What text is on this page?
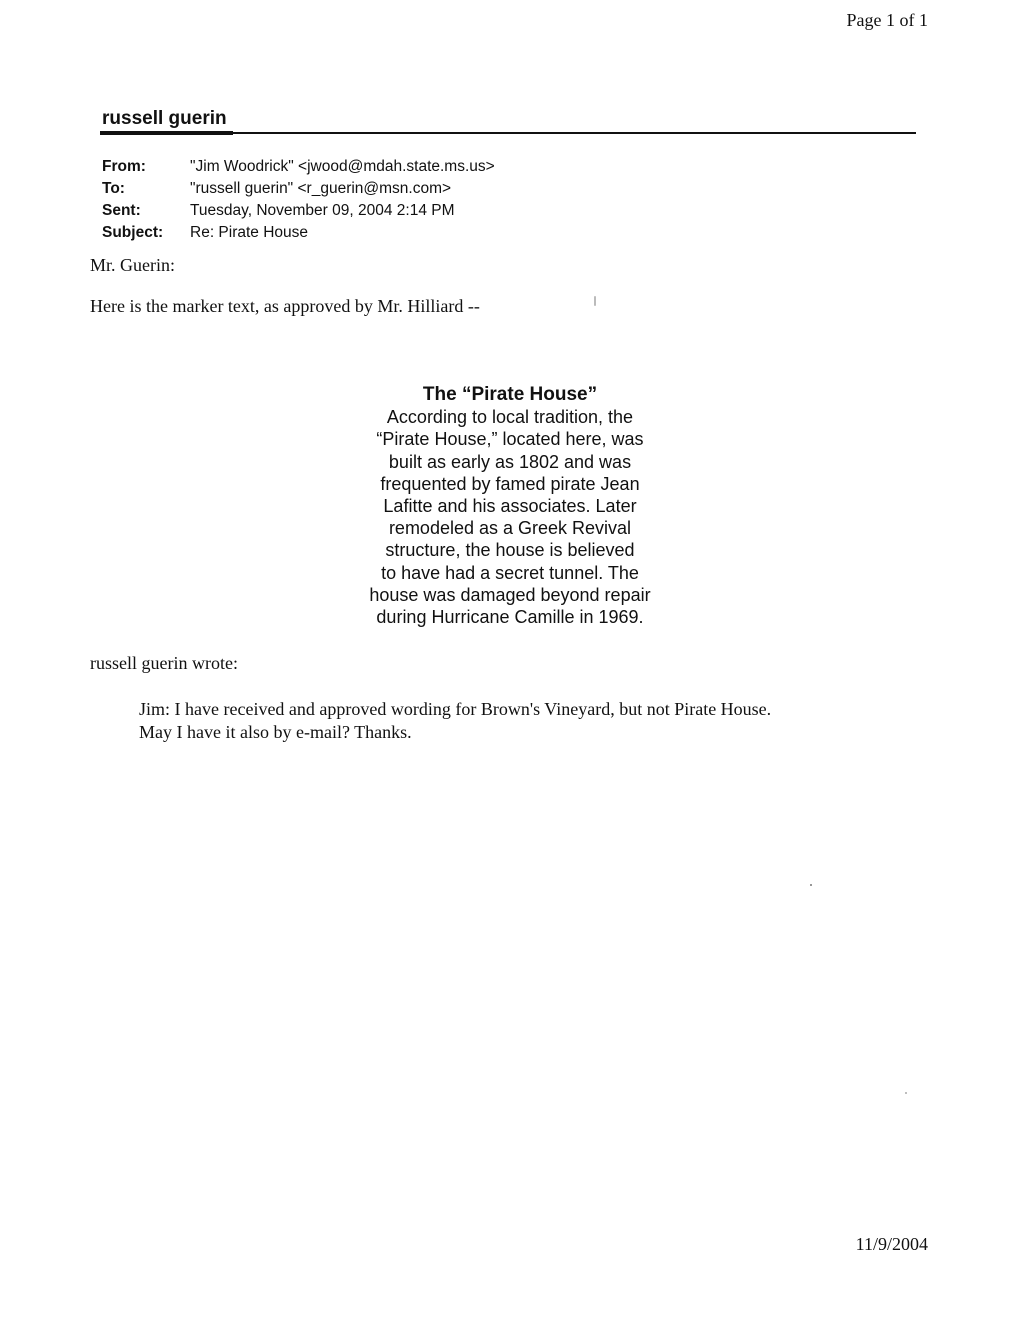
Page 1 of 1
russell guerin
From:	"Jim Woodrick" <jwood@mdah.state.ms.us>
To:	"russell guerin" <r_guerin@msn.com>
Sent:	Tuesday, November 09, 2004 2:14 PM
Subject:	Re: Pirate House
Mr. Guerin:
Here is the marker text, as approved by Mr. Hilliard --
The “Pirate House”
According to local tradition, the
“Pirate House,” located here, was
built as early as 1802 and was
frequented by famed pirate Jean
Lafitte and his associates. Later
remodeled as a Greek Revival
structure, the house is believed
to have had a secret tunnel. The
house was damaged beyond repair
during Hurricane Camille in 1969.
russell guerin wrote:
Jim: I have received and approved wording for Brown's Vineyard, but not Pirate House.
May I have it also by e-mail? Thanks.
11/9/2004
